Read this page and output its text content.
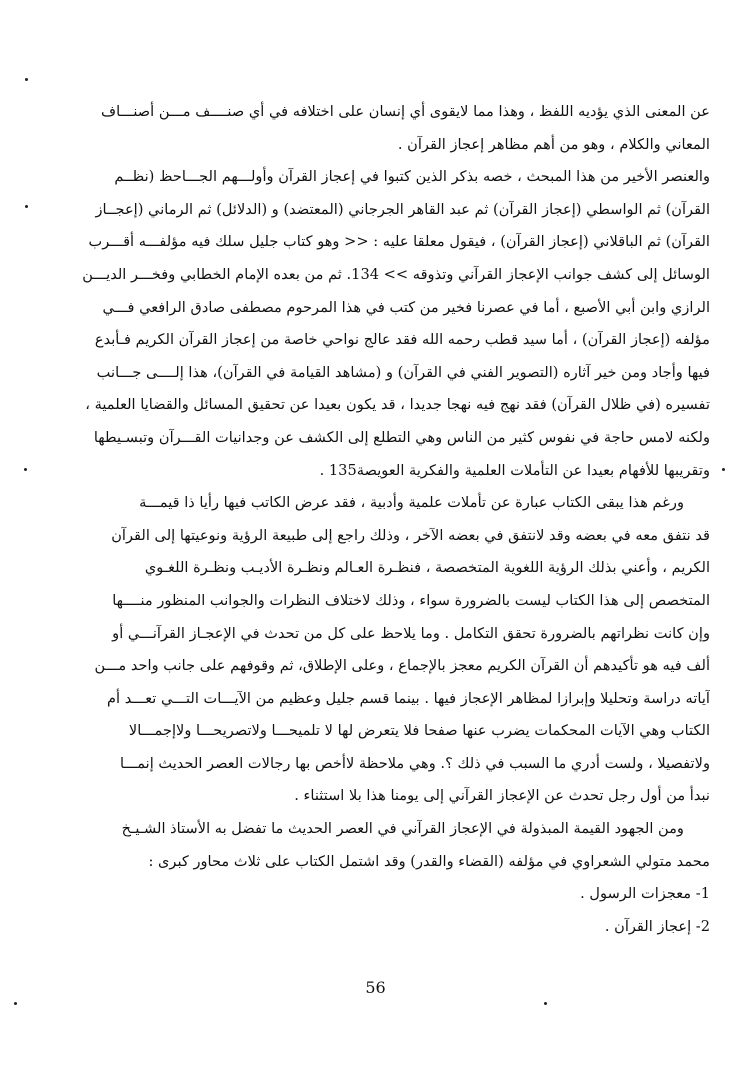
عن المعنى الذي يؤديه اللفظ ، وهذا مما لايقوى أي إنسان على اختلافه في أي صنــــف مـــن أصنـــاف
المعاني والكلام ، وهو من أهم مظاهر إعجاز القرآن .
والعنصر الأخير من هذا المبحث ، خصه بذكر الذين كتبوا في إعجاز القرآن وأولـــهم الجـــاحظ (نظــم
القرآن) ثم الواسطي (إعجاز القرآن) ثم عبد القاهر الجرجاني (المعتضد) و (الدلائل) ثم الرماني (إعجــاز
القرآن) ثم الباقلاني (إعجاز القرآن) ، فيقول معلقا عليه : << وهو كتاب جليل سلك فيه مؤلفـــه أقـــرب
الوسائل إلى كشف جوانب الإعجاز القرآني وتذوقه >> 134. ثم من بعده الإمام الخطابي وفخـــر الديـــن
الرازي وابن أبي الأصبع ، أما في عصرنا فخير من كتب في هذا المرحوم مصطفى صادق الرافعي فـــي
مؤلفه (إعجاز القرآن) ، أما سيد قطب رحمه الله فقد عالج نواحي خاصة من إعجاز القرآن الكريم فـأبدع
فيها وأجاد ومن خير آثاره (التصوير الفني في القرآن) و (مشاهد القيامة في القرآن)، هذا إلــــى جـــانب
تفسيره (في ظلال القرآن) فقد نهج فيه نهجا جديدا ، قد يكون بعيدا عن تحقيق المسائل والقضايا العلمية ،
ولكنه لامس حاجة في نفوس كثير من الناس وهي التطلع إلى الكشف عن وجدانيات القـــرآن وتبسـيطها
وتقريبها للأفهام بعيدا عن التأملات العلمية والفكرية العويصة135 .
ورغم هذا يبقى الكتاب عبارة عن تأملات علمية وأدبية ، فقد عرض الكاتب فيها رأيا ذا قيمـــة
قد نتفق معه في بعضه وقد لانتفق في بعضه الآخر ، وذلك راجع إلى طبيعة الرؤية ونوعيتها إلى القرآن
الكريم ، وأعني بذلك الرؤية اللغوية المتخصصة ، فنظـرة العـالم ونظـرة الأديـب ونظـرة اللغـوي
المتخصص إلى هذا الكتاب ليست بالضرورة سواء ، وذلك لاختلاف النظرات والجوانب المنظور منــــها
وإن كانت نظراتهم بالضرورة تحقق التكامل . وما يلاحظ على كل من تحدث في الإعجـاز القرآنـــي أو
ألف فيه هو تأكيدهم أن القرآن الكريم معجز بالإجماع ، وعلى الإطلاق، ثم وقوفهم على جانب واحد مـــن
آياته دراسة وتحليلا وإبرازا لمظاهر الإعجاز فيها . بينما قسم جليل وعظيم من الآيـــات التـــي تعـــد أم
الكتاب وهي الآيات المحكمات يضرب عنها صفحا فلا يتعرض لها لا تلميحـــا ولاتصريحـــا ولاإجمـــالا
ولاتفصيلا ، ولست أدري ما السبب في ذلك ؟. وهي ملاحظة لاأخص بها رجالات العصر الحديث إنمـــا
نبدأ من أول رجل تحدث عن الإعجاز القرآني إلى يومنا هذا بلا استثناء .
ومن الجهود القيمة المبذولة في الإعجاز القرآني في العصر الحديث ما تفضل به الأستاذ الشـيـخ
محمد متولي الشعراوي في مؤلفه (القضاء والقدر) وقد اشتمل الكتاب على ثلاث محاور كبرى :
1- معجزات الرسول .
2- إعجاز القرآن .
56
